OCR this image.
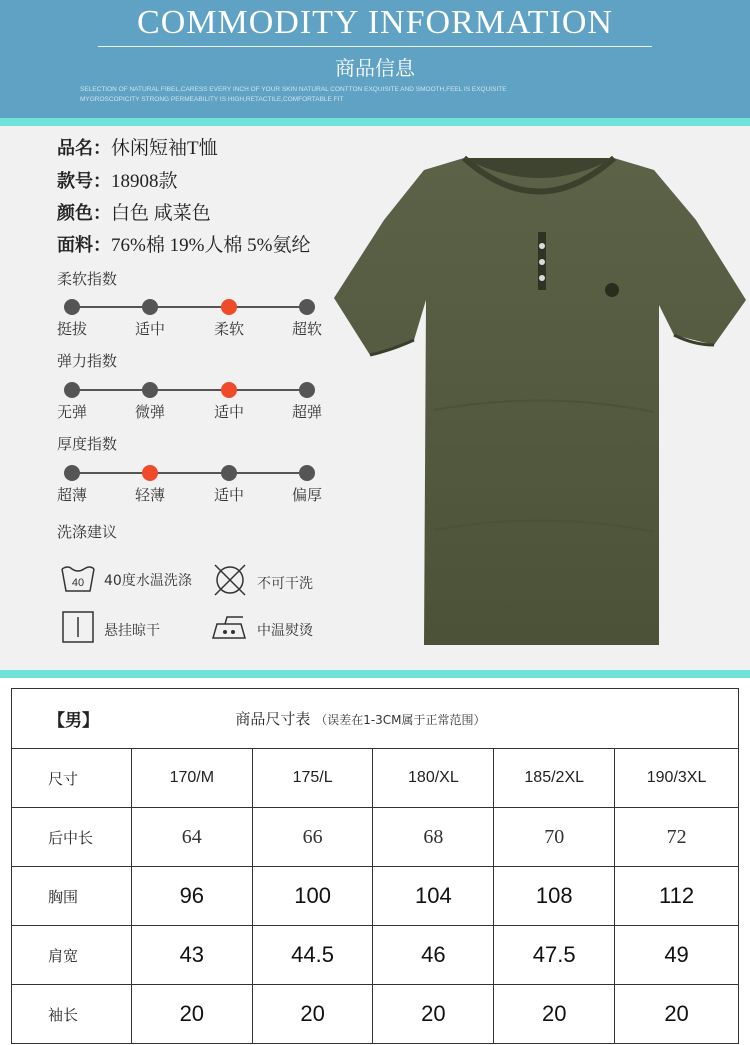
COMMODITY INFORMATION
商品信息
SELECTION OF NATURAL FIBEL,CARESS EVERY INCH OF YOUR SKIN NATURAL CONTTON EXQUISITE AND SMOOTH,FEEL IS EXQUISITE
MYGROSCOPICITY STRONG PERMEABILITY IS HIGH,RETACTILE,COMFORTABLE FIT
品名：休闲短袖T恤
款号：18908款
颜色：白色 咸菜色
面料：76%棉 19%人棉 5%氨纶
柔软指数
挺拔	适中	柔软	超软
弹力指数
无弹	微弹	适中	超弹
厚度指数
超薄	轻薄	适中	偏厚
洗涤建议
40 40度水温洗涤	不可干洗
悬挂晾干	中温熨烫
【男】	商品尺寸表 （误差在1-3CM属于正常范围）				
尺寸	170/M	175/L	180/XL	185/2XL	190/3XL
后中长	64	66	68	70	72
胸围	96	100	104	108	112
肩宽	43	44.5	46	47.5	49
袖长	20	20	20	20	20
